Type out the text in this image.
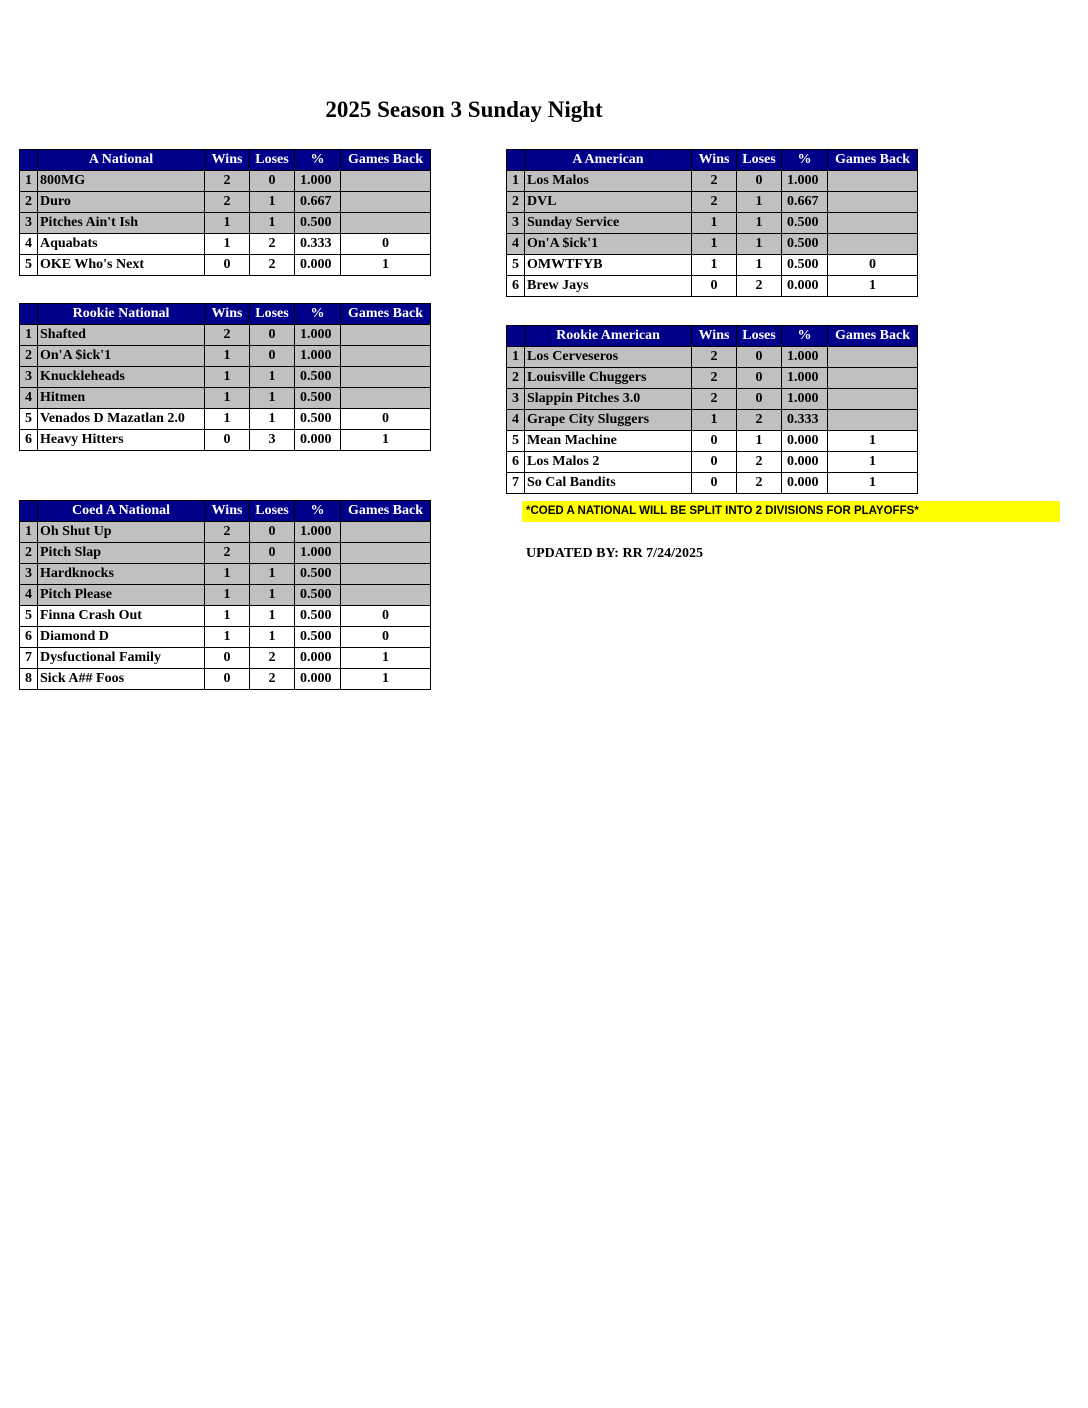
2025 Season 3 Sunday Night
	A National	Wins	Loses	%	Games Back
1	800MG	2	0	1.000	
2	Duro	2	1	0.667	
3	Pitches Ain't Ish	1	1	0.500	
4	Aquabats	1	2	0.333	0
5	OKE Who's Next	0	2	0.000	1
	Rookie National	Wins	Loses	%	Games Back
1	Shafted	2	0	1.000	
2	On'A $ick'1	1	0	1.000	
3	Knuckleheads	1	1	0.500	
4	Hitmen	1	1	0.500	
5	Venados D Mazatlan 2.0	1	1	0.500	0
6	Heavy Hitters	0	3	0.000	1
	Coed A National	Wins	Loses	%	Games Back
1	Oh Shut Up	2	0	1.000	
2	Pitch Slap	2	0	1.000	
3	Hardknocks	1	1	0.500	
4	Pitch Please	1	1	0.500	
5	Finna Crash Out	1	1	0.500	0
6	Diamond D	1	1	0.500	0
7	Dysfuctional Family	0	2	0.000	1
8	Sick A## Foos	0	2	0.000	1
	A American	Wins	Loses	%	Games Back
1	Los Malos	2	0	1.000	
2	DVL	2	1	0.667	
3	Sunday Service	1	1	0.500	
4	On'A $ick'1	1	1	0.500	
5	OMWTFYB	1	1	0.500	0
6	Brew Jays	0	2	0.000	1
	Rookie American	Wins	Loses	%	Games Back
1	Los Cerveseros	2	0	1.000	
2	Louisville Chuggers	2	0	1.000	
3	Slappin Pitches 3.0	2	0	1.000	
4	Grape City Sluggers	1	2	0.333	
5	Mean Machine	0	1	0.000	1
6	Los Malos 2	0	2	0.000	1
7	So Cal Bandits	0	2	0.000	1
*COED A NATIONAL WILL BE SPLIT INTO 2 DIVISIONS FOR PLAYOFFS*
UPDATED BY: RR 7/24/2025
